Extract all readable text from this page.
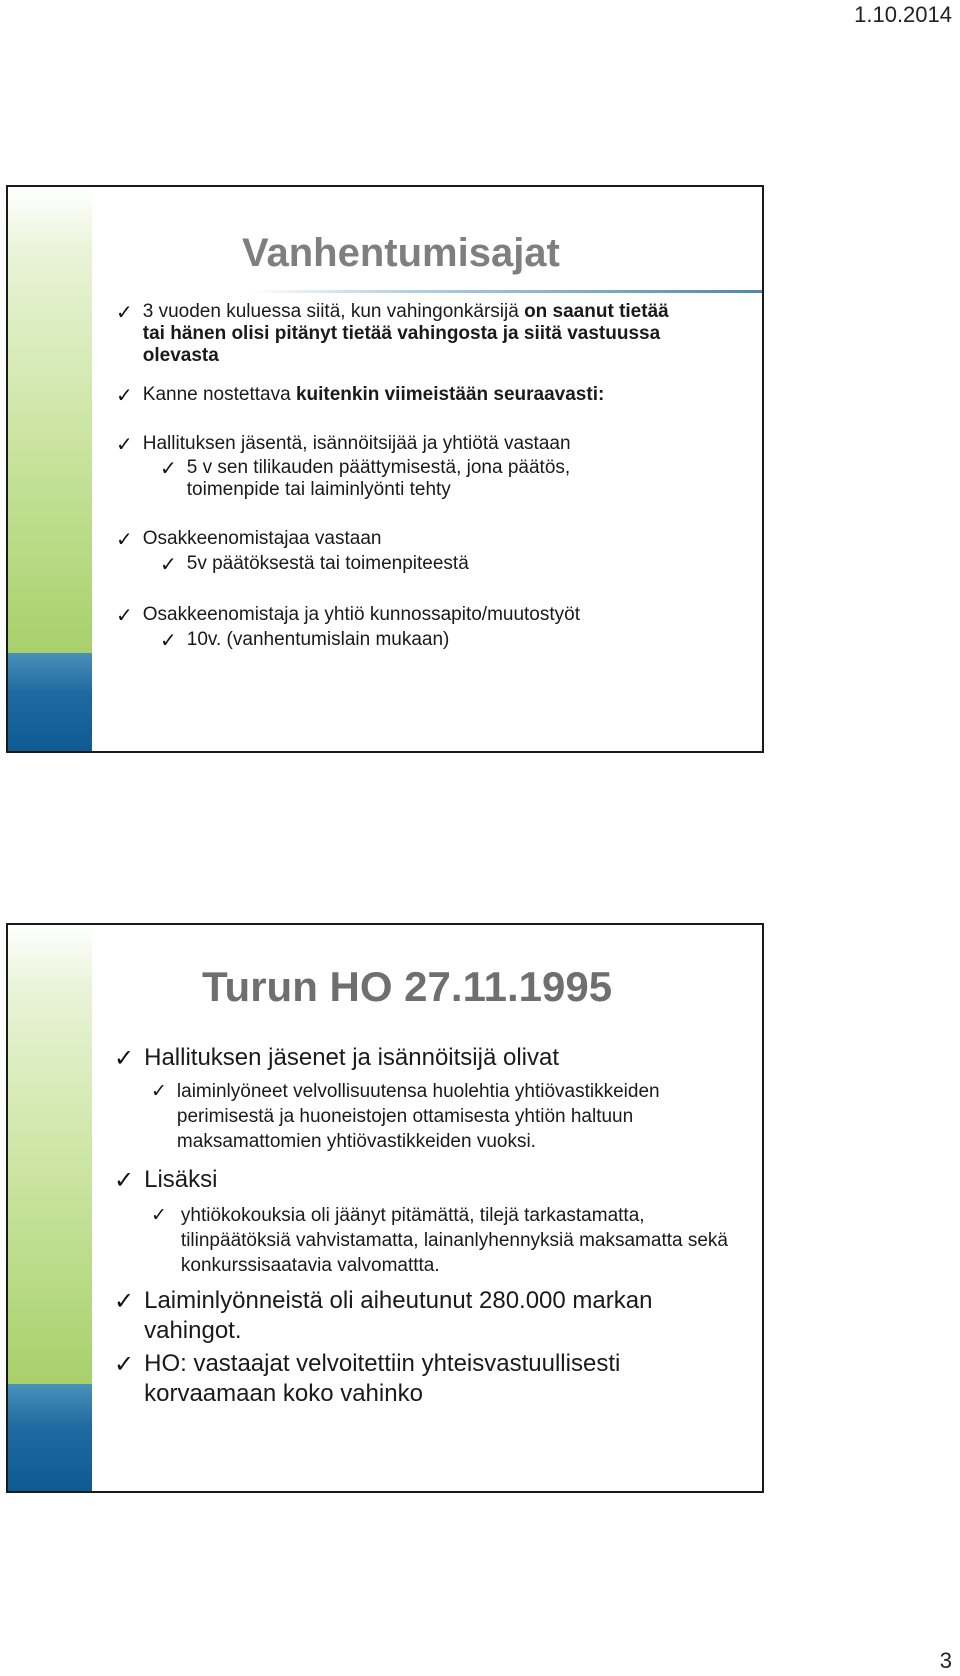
1.10.2014
Vanhentumisajat
✓ 3 vuoden kuluessa siitä, kun vahingonkärsijä on saanut tietää tai hänen olisi pitänyt tietää vahingosta ja siitä vastuussa olevasta
✓ Kanne nostettava kuitenkin viimeistään seuraavasti:
✓ Hallituksen jäsentä, isännöitsijää ja yhtiötä vastaan
✓ 5 v sen tilikauden päättymisestä, jona päätös, toimenpide tai laiminlyönti tehty
✓ Osakkeenomistajaa vastaan
✓ 5v päätöksestä tai toimenpiteestä
✓ Osakkeenomistaja ja yhtiö kunnossapito/muutostyöt
✓ 10v. (vanhentumislain mukaan)
Turun HO 27.11.1995
✓ Hallituksen jäsenet ja isännöitsijä olivat
✓ laiminlyöneet velvollisuutensa huolehtia yhtiövastikkeiden perimisestä ja huoneistojen ottamisesta yhtiön haltuun maksamattomien yhtiövastikkeiden vuoksi.
✓ Lisäksi
✓ yhtiökokouksia oli jäänyt pitämättä, tilejä tarkastamatta, tilinpäätöksiä vahvistamatta, lainanlyhennyksiä maksamatta sekä konkurssisaatavia valvomattta.
✓ Laiminlyönneistä oli aiheutunut 280.000 markan vahingot.
✓ HO: vastaajat velvoitettiin yhteisvastuullisesti korvaamaan koko vahinko
3
